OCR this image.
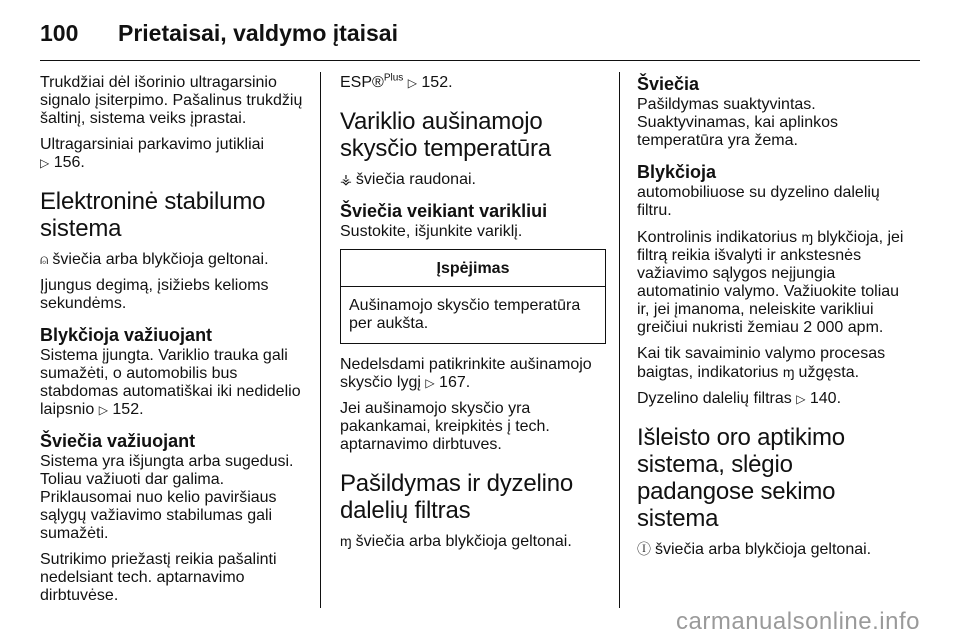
100	Prietaisai, valdymo įtaisai

Trukdžiai dėl išorinio ultragarsinio signalo įsiterpimo. Pašalinus trukdžių šaltinį, sistema veiks įprastai.

Ultragarsiniai parkavimo jutikliai
▷ 156.

Elektroninė stabilumo sistema

⍝ šviečia arba blykčioja geltonai.

Įjungus degimą, įsižiebs kelioms sekundėms.

Blykčioja važiuojant

Sistema įjungta. Variklio trauka gali sumažėti, o automobilis bus stabdomas automatiškai iki nedidelio laipsnio ▷ 152.

Šviečia važiuojant

Sistema yra išjungta arba sugedusi. Toliau važiuoti dar galima. Priklausomai nuo kelio paviršiaus sąlygų važiavimo stabilumas gali sumažėti.

Sutrikimo priežastį reikia pašalinti nedelsiant tech. aptarnavimo dirbtuvėse.

ESP®$^{Plus}$ ▷ 152.

Variklio aušinamojo skysčio temperatūra

⚶ šviečia raudonai.

Šviečia veikiant varikliui

Sustokite, išjunkite variklį.

Įspėjimas
Aušinamojo skysčio temperatūra per aukšta.

Nedelsdami patikrinkite aušinamojo skysčio lygį ▷ 167.

Jei aušinamojo skysčio yra pakankamai, kreipkitės į tech. aptarnavimo dirbtuves.

Pašildymas ir dyzelino dalelių filtras

ɱ šviečia arba blykčioja geltonai.

Šviečia

Pašildymas suaktyvintas. Suaktyvinamas, kai aplinkos temperatūra yra žema.

Blykčioja

automobiliuose su dyzelino dalelių filtru.

Kontrolinis indikatorius ɱ blykčioja, jei filtrą reikia išvalyti ir ankstesnės važiavimo sąlygos neįjungia automatinio valymo. Važiuokite toliau ir, jei įmanoma, neleiskite varikliui greičiui nukristi žemiau 2 000 apm.

Kai tik savaiminio valymo procesas baigtas, indikatorius ɱ užgęsta.

Dyzelino dalelių filtras ▷ 140.

Išleisto oro aptikimo sistema, slėgio padangose sekimo sistema

Ⓘ šviečia arba blykčioja geltonai.

carmanualsonline.info
